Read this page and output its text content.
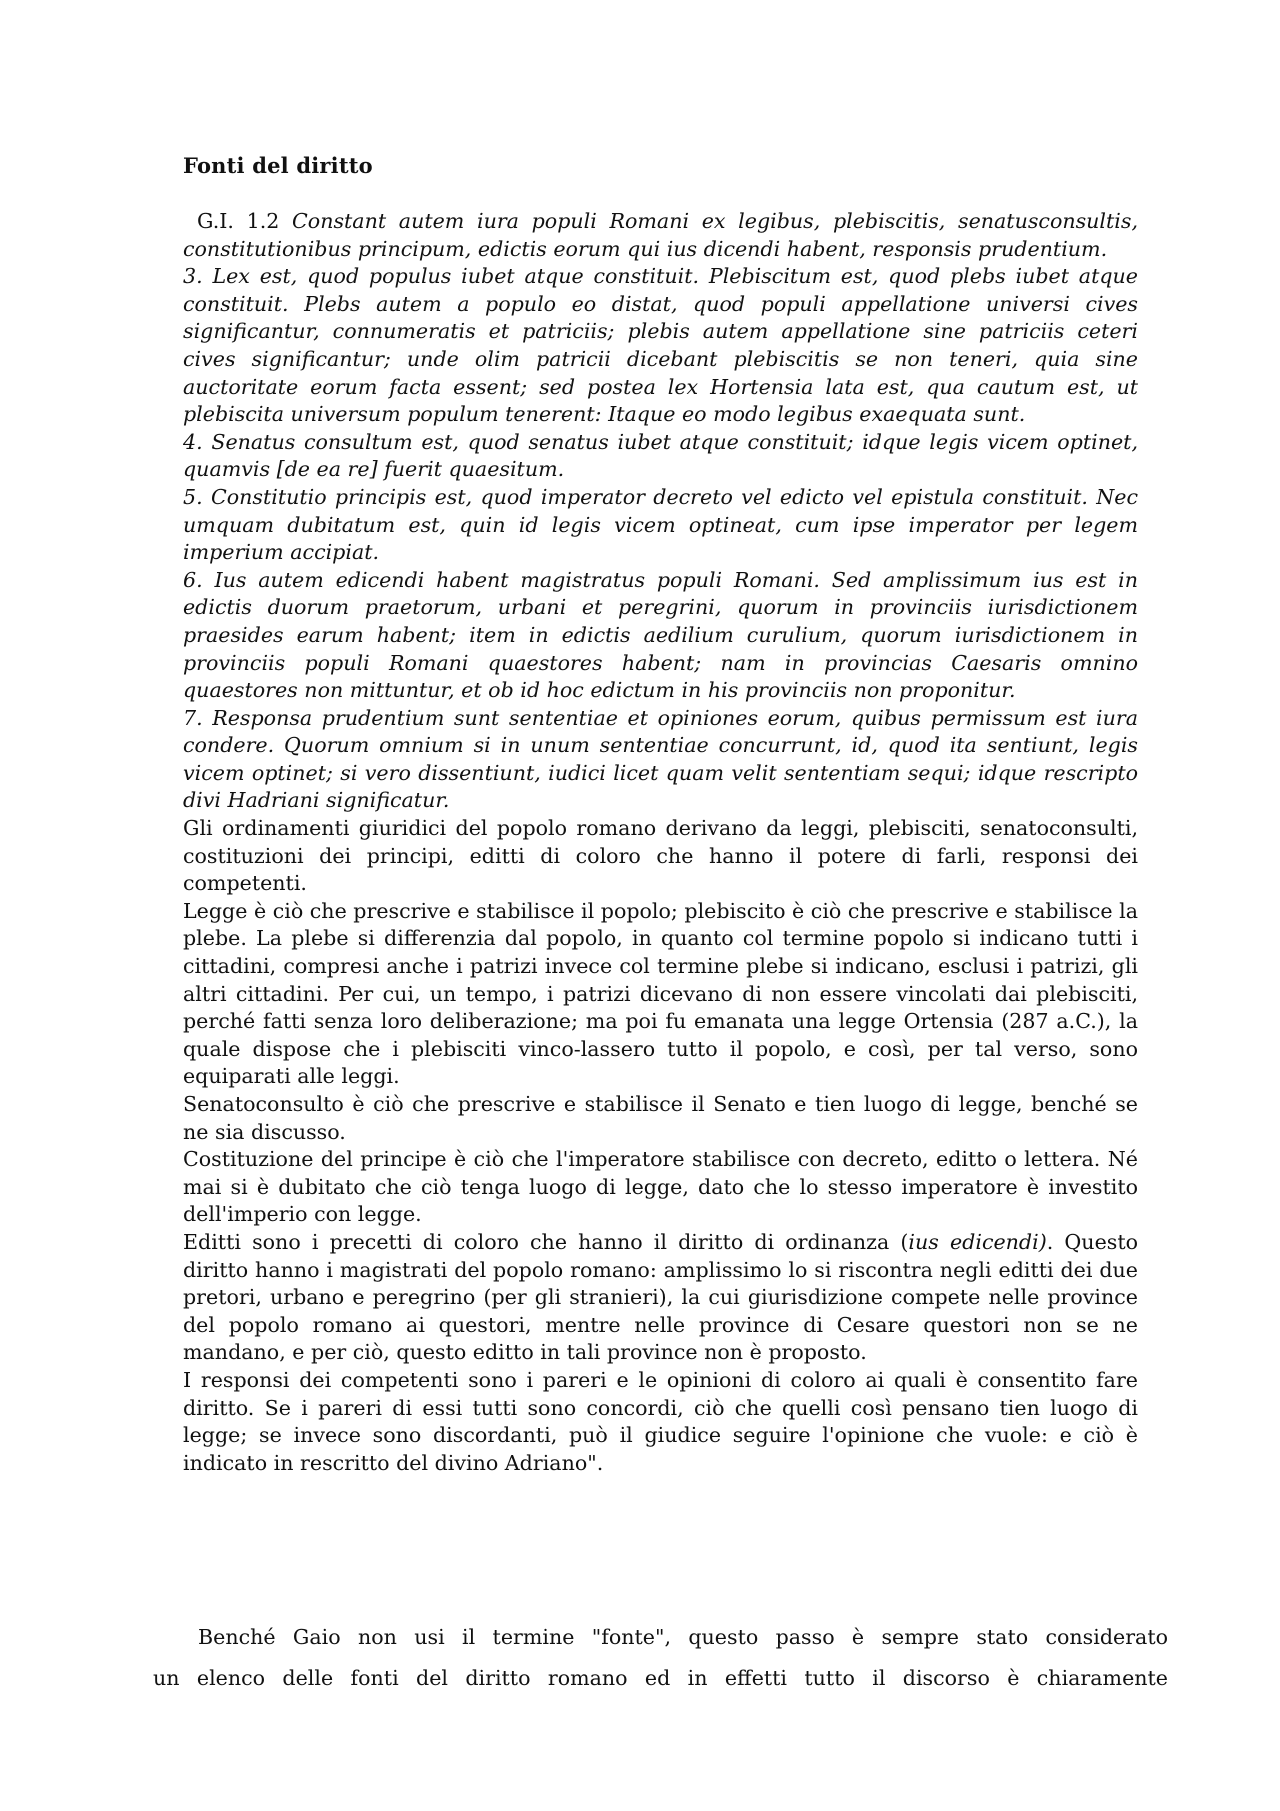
Fonti del diritto

G.I. 1.2 Constant autem iura populi Romani ex legibus, plebiscitis, senatusconsultis, constitutionibus principum, edictis eorum qui ius dicendi habent, responsis prudentium.

3. Lex est, quod populus iubet atque constituit. Plebiscitum est, quod plebs iubet atque constituit. Plebs autem a populo eo distat, quod populi appellatione universi cives significantur, connumeratis et patriciis; plebis autem appellatione sine patriciis ceteri cives significantur; unde olim patricii dicebant plebiscitis se non teneri, quia sine auctoritate eorum facta essent; sed postea lex Hortensia lata est, qua cautum est, ut plebiscita universum populum tenerent: Itaque eo modo legibus exaequata sunt.

4. Senatus consultum est, quod senatus iubet atque constituit; idque legis vicem optinet, quamvis [de ea re] fuerit quaesitum.

5. Constitutio principis est, quod imperator decreto vel edicto vel epistula constituit. Nec umquam dubitatum est, quin id legis vicem optineat, cum ipse imperator per legem imperium accipiat.

6. Ius autem edicendi habent magistratus populi Romani. Sed amplissimum ius est in edictis duorum praetorum, urbani et peregrini, quorum in provinciis iurisdictionem praesides earum habent; item in edictis aedilium curulium, quorum iurisdictionem in provinciis populi Romani quaestores habent; nam in provincias Caesaris omnino quaestores non mittuntur, et ob id hoc edictum in his provinciis non proponitur.

7. Responsa prudentium sunt sententiae et opiniones eorum, quibus permissum est iura condere. Quorum omnium si in unum sententiae concurrunt, id, quod ita sentiunt, legis vicem optinet; si vero dissentiunt, iudici licet quam velit sententiam sequi; idque rescripto divi Hadriani significatur.

Gli ordinamenti giuridici del popolo romano derivano da leggi, plebisciti, senatoconsulti, costituzioni dei principi, editti di coloro che hanno il potere di farli, responsi dei competenti.

Legge è ciò che prescrive e stabilisce il popolo; plebiscito è ciò che prescrive e stabilisce la plebe. La plebe si differenzia dal popolo, in quanto col termine popolo si indicano tutti i cittadini, compresi anche i patrizi invece col termine plebe si indicano, esclusi i patrizi, gli altri cittadini. Per cui, un tempo, i patrizi dicevano di non essere vincolati dai plebisciti, perché fatti senza loro deliberazione; ma poi fu emanata una legge Ortensia (287 a.C.), la quale dispose che i plebisciti vinco-lassero tutto il popolo, e così, per tal verso, sono equiparati alle leggi.

Senatoconsulto è ciò che prescrive e stabilisce il Senato e tien luogo di legge, benché se ne sia discusso.

Costituzione del principe è ciò che l'imperatore stabilisce con decreto, editto o lettera. Né mai si è dubitato che ciò tenga luogo di legge, dato che lo stesso imperatore è investito dell'imperio con legge.

Editti sono i precetti di coloro che hanno il diritto di ordinanza (ius edicendi). Questo diritto hanno i magistrati del popolo romano: amplissimo lo si riscontra negli editti dei due pretori, urbano e peregrino (per gli stranieri), la cui giurisdizione compete nelle province del popolo romano ai questori, mentre nelle province di Cesare questori non se ne mandano, e per ciò, questo editto in tali province non è proposto.

I responsi dei competenti sono i pareri e le opinioni di coloro ai quali è consentito fare diritto. Se i pareri di essi tutti sono concordi, ciò che quelli così pensano tien luogo di legge; se invece sono discordanti, può il giudice seguire l'opinione che vuole: e ciò è indicato in rescritto del divino Adriano".

Benché Gaio non usi il termine "fonte", questo passo è sempre stato considerato

un elenco delle fonti del diritto romano ed in effetti tutto il discorso è chiaramente
